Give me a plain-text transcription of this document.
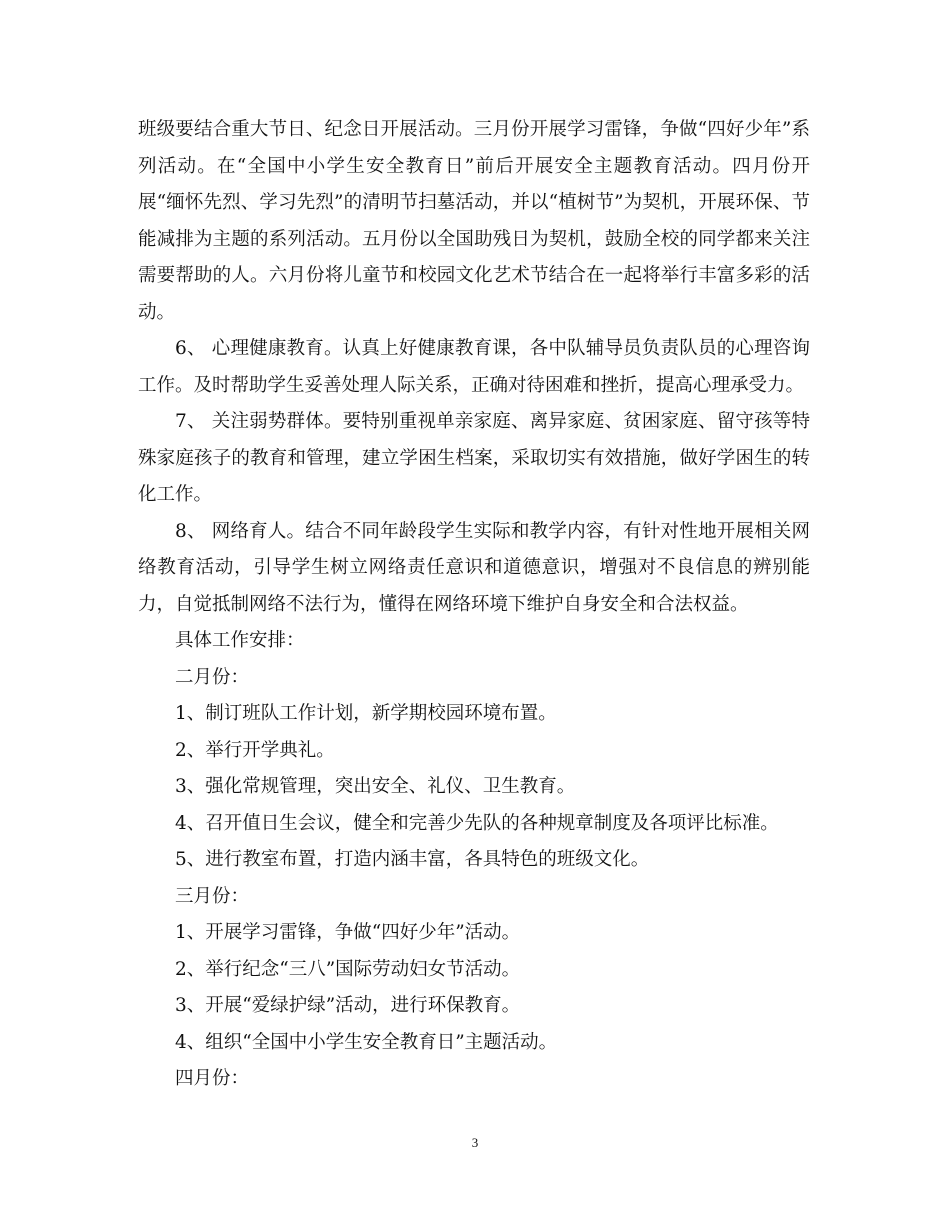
班级要结合重大节日、纪念日开展活动。三月份开展学习雷锋，争做“四好少年”系列活动。在“全国中小学生安全教育日”前后开展安全主题教育活动。四月份开展“缅怀先烈、学习先烈”的清明节扫墓活动，并以“植树节”为契机，开展环保、节能减排为主题的系列活动。五月份以全国助残日为契机，鼓励全校的同学都来关注需要帮助的人。六月份将儿童节和校园文化艺术节结合在一起将举行丰富多彩的活动。

6、 心理健康教育。认真上好健康教育课，各中队辅导员负责队员的心理咨询工作。及时帮助学生妥善处理人际关系，正确对待困难和挫折，提高心理承受力。

7、 关注弱势群体。要特别重视单亲家庭、离异家庭、贫困家庭、留守孩等特殊家庭孩子的教育和管理，建立学困生档案，采取切实有效措施，做好学困生的转化工作。

8、 网络育人。结合不同年龄段学生实际和教学内容，有针对性地开展相关网络教育活动，引导学生树立网络责任意识和道德意识，增强对不良信息的辨别能力，自觉抵制网络不法行为，懂得在网络环境下维护自身安全和合法权益。

具体工作安排：

二月份：

1、制订班队工作计划，新学期校园环境布置。

2、举行开学典礼。

3、强化常规管理，突出安全、礼仪、卫生教育。

4、召开值日生会议，健全和完善少先队的各种规章制度及各项评比标准。

5、进行教室布置，打造内涵丰富，各具特色的班级文化。

三月份：

1、开展学习雷锋，争做“四好少年”活动。

2、举行纪念“三八”国际劳动妇女节活动。

3、开展“爱绿护绿”活动，进行环保教育。

4、组织“全国中小学生安全教育日”主题活动。

四月份：

3
